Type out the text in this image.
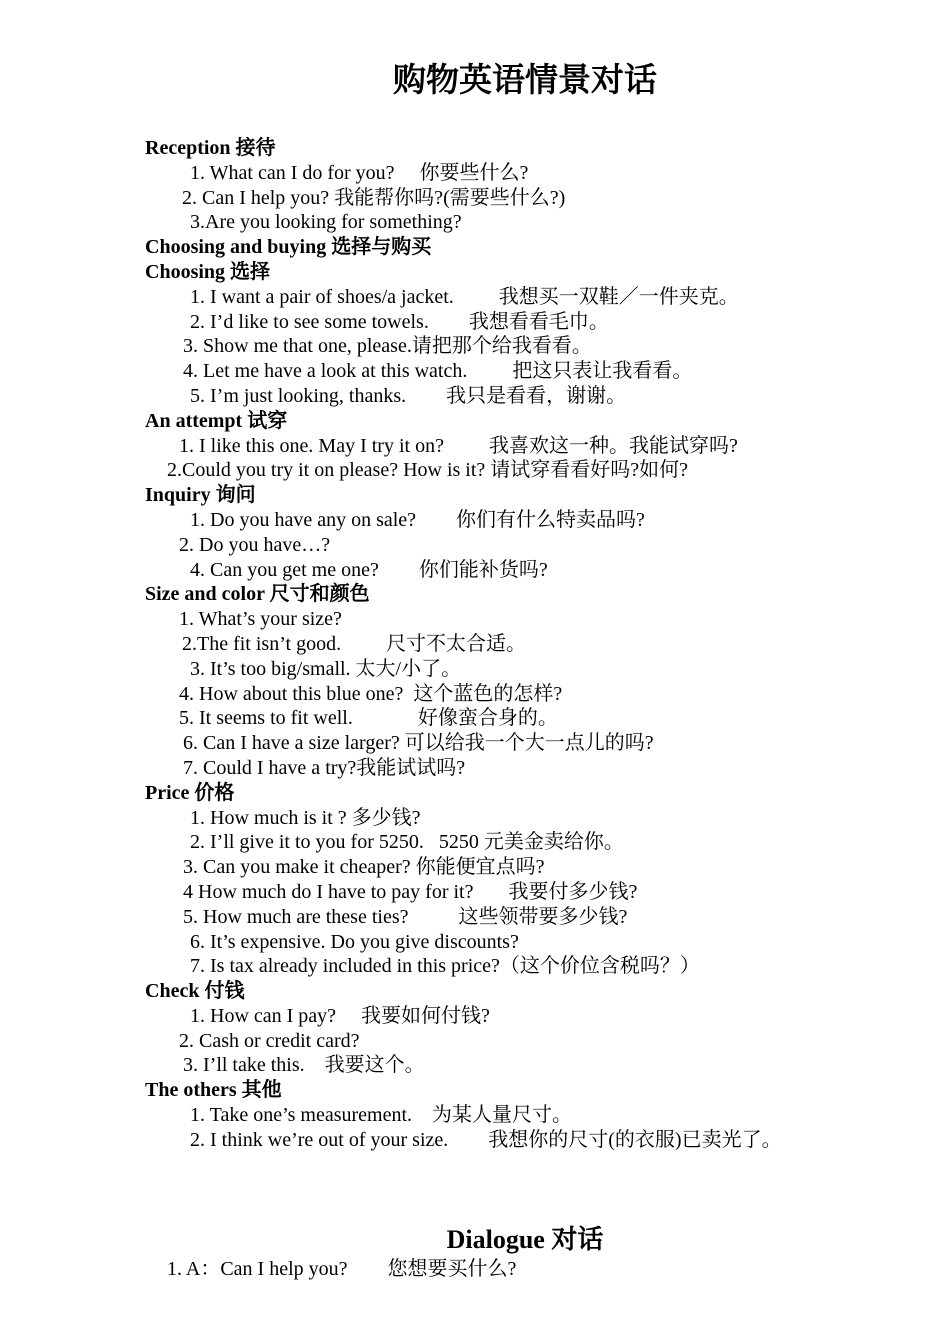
购物英语情景对话
Reception 接待
1. What can I do for you?     你要些什么?
2. Can I help you? 我能帮你吗?(需要些什么?)
3.Are you looking for something?
Choosing and buying 选择与购买
Choosing 选择
1. I want a pair of shoes/a jacket.         我想买一双鞋／一件夹克。
2. I’d like to see some towels.        我想看看毛巾。
3. Show me that one, please.请把那个给我看看。
4. Let me have a look at this watch.         把这只表让我看看。
5. I’m just looking, thanks.        我只是看看，谢谢。
An attempt 试穿
1. I like this one. May I try it on?         我喜欢这一种。我能试穿吗?
2.Could you try it on please? How is it? 请试穿看看好吗?如何?
Inquiry 询问
1. Do you have any on sale?        你们有什么特卖品吗?
2. Do you have…?
4. Can you get me one?        你们能补货吗?
Size and color 尺寸和颜色
1. What’s your size?
2.The fit isn’t good.         尺寸不太合适。
3. It’s too big/small. 太大/小了。
4. How about this blue one?  这个蓝色的怎样?
5. It seems to fit well.             好像蛮合身的。
6. Can I have a size larger? 可以给我一个大一点儿的吗?
7. Could I have a try?我能试试吗?
Price 价格
1. How much is it ? 多少钱?
2. I’ll give it to you for 5250.   5250 元美金卖给你。
3. Can you make it cheaper? 你能便宜点吗?
4 How much do I have to pay for it?       我要付多少钱?
5. How much are these ties?          这些领带要多少钱?
6. It’s expensive. Do you give discounts?
7. Is tax already included in this price?（这个价位含税吗？）
Check 付钱
1. How can I pay?     我要如何付钱?
2. Cash or credit card?
3. I’ll take this.    我要这个。
The others 其他
1. Take one’s measurement.    为某人量尺寸。
2. I think we’re out of your size.        我想你的尺寸(的衣服)已卖光了。
Dialogue 对话
1. A：Can I help you?        您想要买什么?
